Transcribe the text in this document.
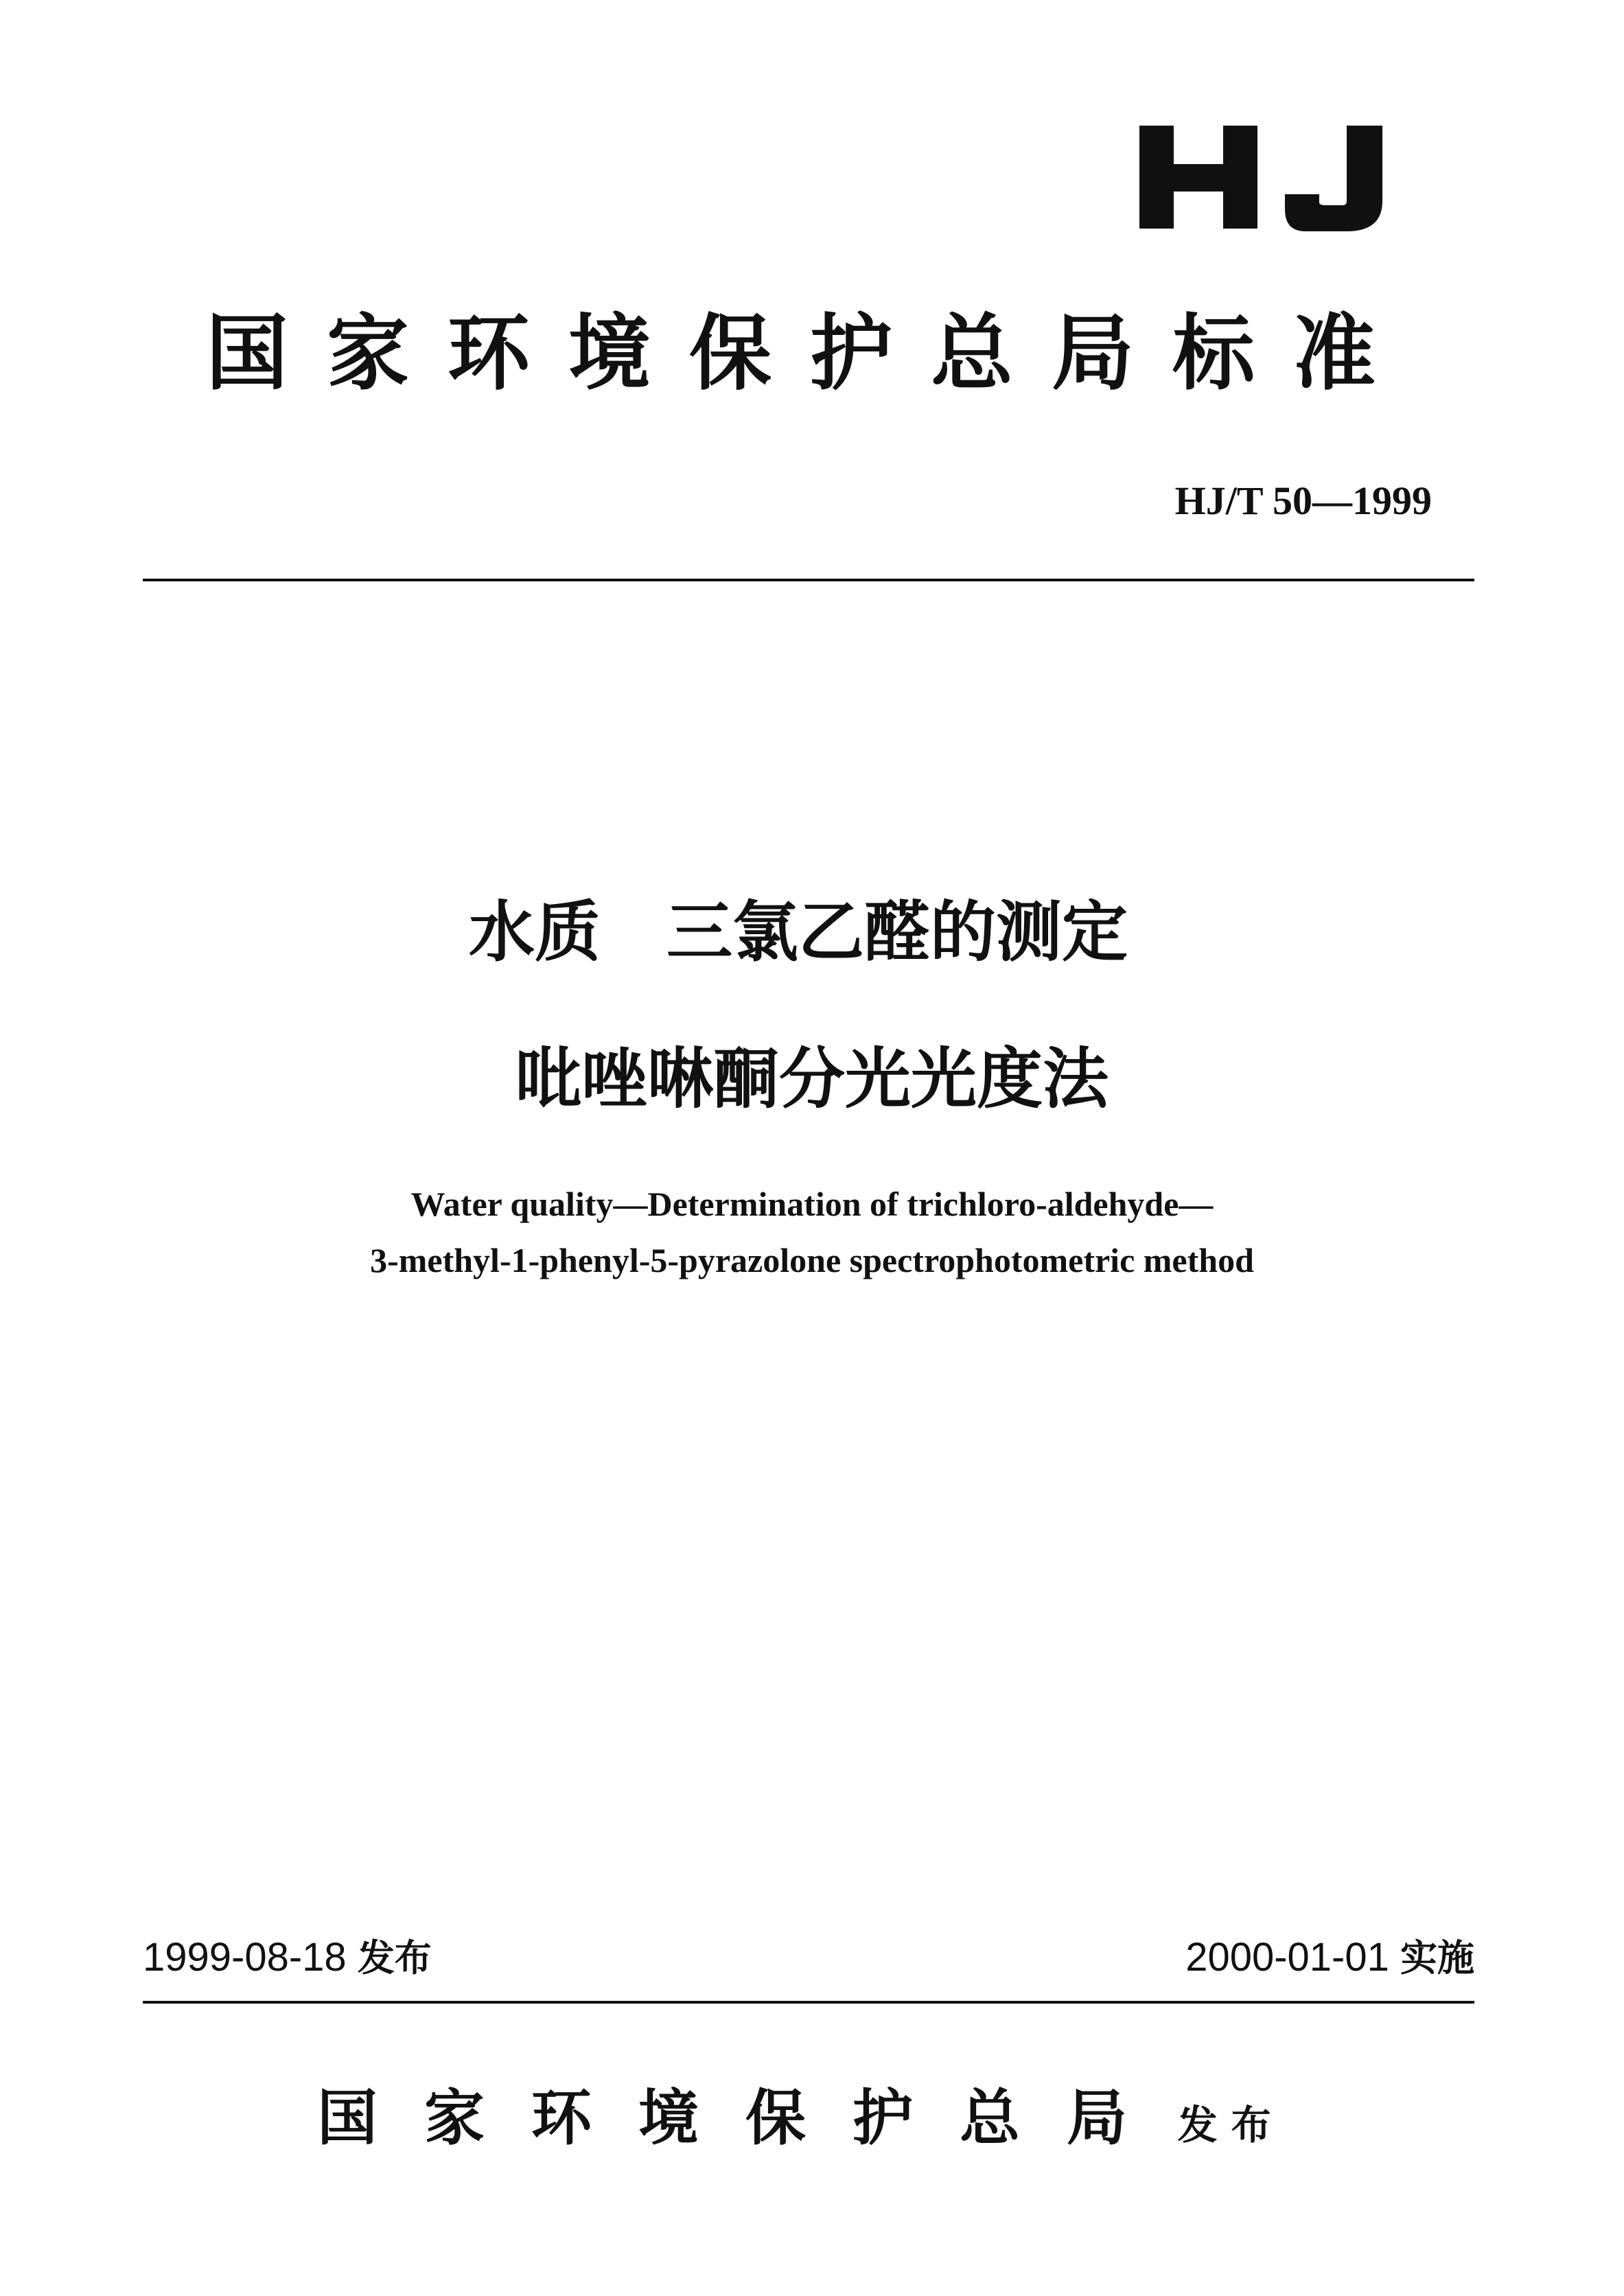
国家环境保护总局标准
HJ/T 50—1999
水质　三氯乙醛的测定
吡唑啉酮分光光度法
Water quality—Determination of trichloro-aldehyde—
3-methyl-1-phenyl-5-pyrazolone spectrophotometric method
1999-08-18 发布	2000-01-01 实施
国家环境保护总局 发布
